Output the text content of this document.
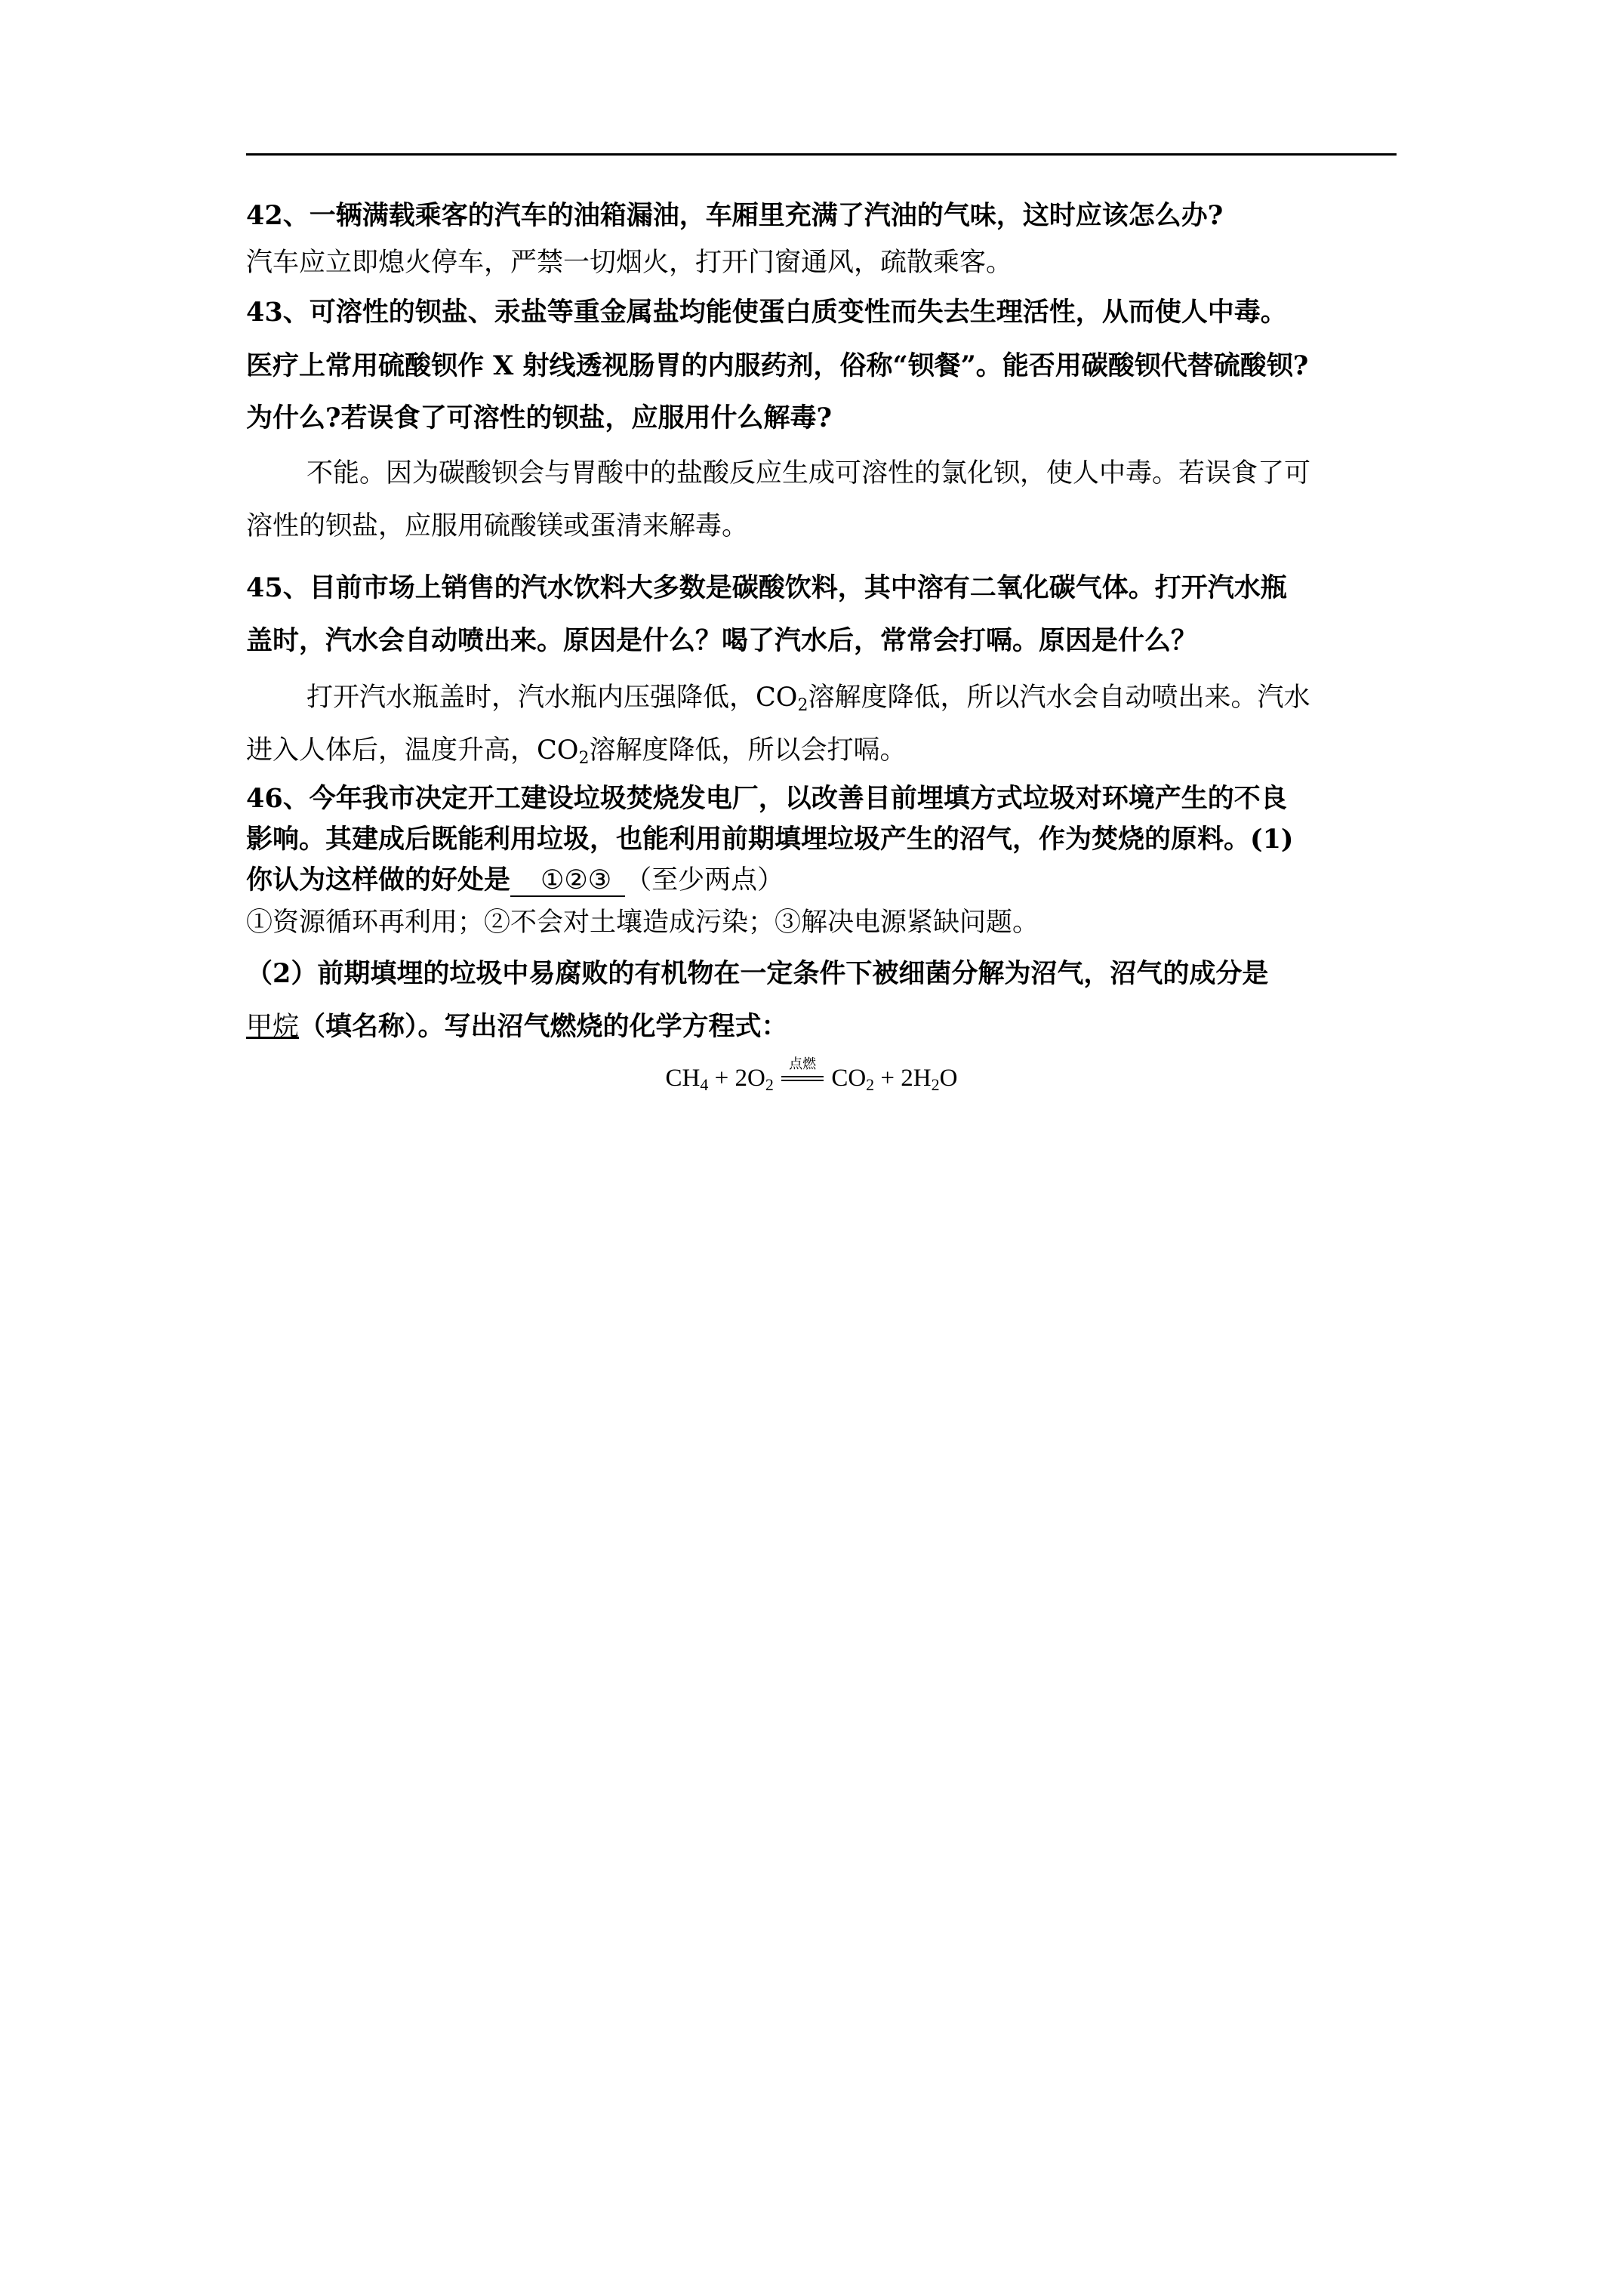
42、一辆满载乘客的汽车的油箱漏油，车厢里充满了汽油的气味，这时应该怎么办?
汽车应立即熄火停车，严禁一切烟火，打开门窗通风，疏散乘客。
43、可溶性的钡盐、汞盐等重金属盐均能使蛋白质变性而失去生理活性，从而使人中毒。
医疗上常用硫酸钡作 X 射线透视肠胃的内服药剂，俗称“钡餐”。能否用碳酸钡代替硫酸钡?
为什么?若误食了可溶性的钡盐，应服用什么解毒?
不能。因为碳酸钡会与胃酸中的盐酸反应生成可溶性的氯化钡，使人中毒。若误食了可
溶性的钡盐，应服用硫酸镁或蛋清来解毒。
45、目前市场上销售的汽水饮料大多数是碳酸饮料，其中溶有二氧化碳气体。打开汽水瓶
盖时，汽水会自动喷出来。原因是什么？喝了汽水后，常常会打嗝。原因是什么？
打开汽水瓶盖时，汽水瓶内压强降低，$CO_2$溶解度降低，所以汽水会自动喷出来。汽水
进入人体后，温度升高，$CO_2$溶解度降低，所以会打嗝。
46、今年我市决定开工建设垃圾焚烧发电厂，以改善目前埋填方式垃圾对环境产生的不良
影响。其建成后既能利用垃圾，也能利用前期填埋垃圾产生的沼气，作为焚烧的原料。(1)
你认为这样做的好处是 ①②③ （至少两点）
①资源循环再利用；②不会对土壤造成污染；③解决电源紧缺问题。
（2）前期填埋的垃圾中易腐败的有机物在一定条件下被细菌分解为沼气，沼气的成分是
甲烷（填名称）。写出沼气燃烧的化学方程式：
$CH_4 + 2O_2$
点燃
$CO_2 + 2H_2O$
